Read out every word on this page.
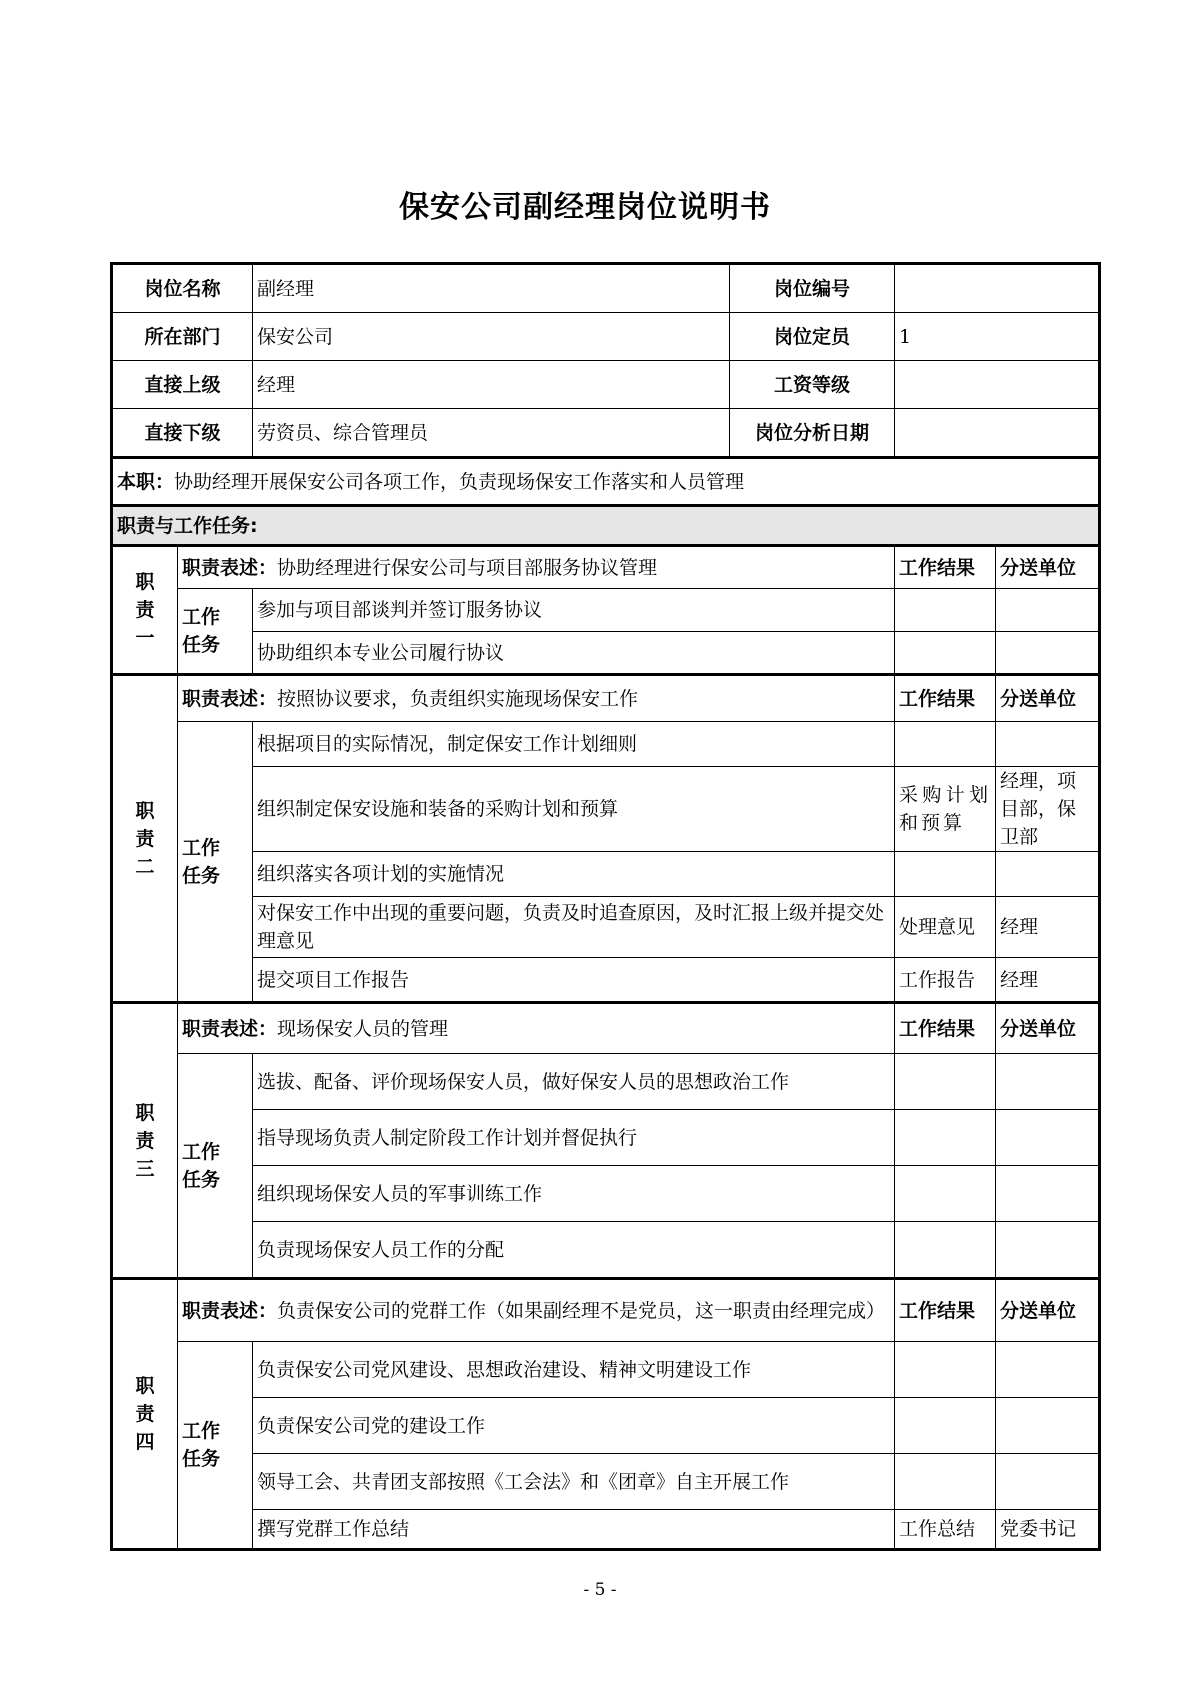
保安公司副经理岗位说明书
岗位名称		副经理	岗位编号		
所在部门		保安公司	岗位定员	1	
直接上级		经理	工资等级		
直接下级		劳资员、综合管理员	岗位分析日期		
本职：协助经理开展保安公司各项工作，负责现场保安工作落实和人员管理					
职责与工作任务:					

职
责
一	职责表述：协助经理进行保安公司与项目部服务协议管理			工作结果	分送单位

	工作
任务	参加与项目部谈判并签订服务协议			
		协助组织本专业公司履行协议			

职
责
二	职责表述：按照协议要求，负责组织实施现场保安工作			工作结果	分送单位

	工作
任务	根据项目的实际情况，制定保安工作计划细则			
		组织制定保安设施和装备的采购计划和预算		采购计划和预算	经理，项目部，保卫部
		组织落实各项计划的实施情况			
		对保安工作中出现的重要问题，负责及时追查原因，及时汇报上级并提交处理意见		处理意见	经理
		提交项目工作报告		工作报告	经理

职
责
三	职责表述：现场保安人员的管理			工作结果	分送单位

	工作
任务	选拔、配备、评价现场保安人员，做好保安人员的思想政治工作			
		指导现场负责人制定阶段工作计划并督促执行			
		组织现场保安人员的军事训练工作			
		负责现场保安人员工作的分配			

职
责
四	职责表述：负责保安公司的党群工作（如果副经理不是党员，这一职责由经理完成）			工作结果	分送单位

	工作
任务	负责保安公司党风建设、思想政治建设、精神文明建设工作			
		负责保安公司党的建设工作			
		领导工会、共青团支部按照《工会法》和《团章》自主开展工作			
		撰写党群工作总结		工作总结	党委书记
- 5 -
